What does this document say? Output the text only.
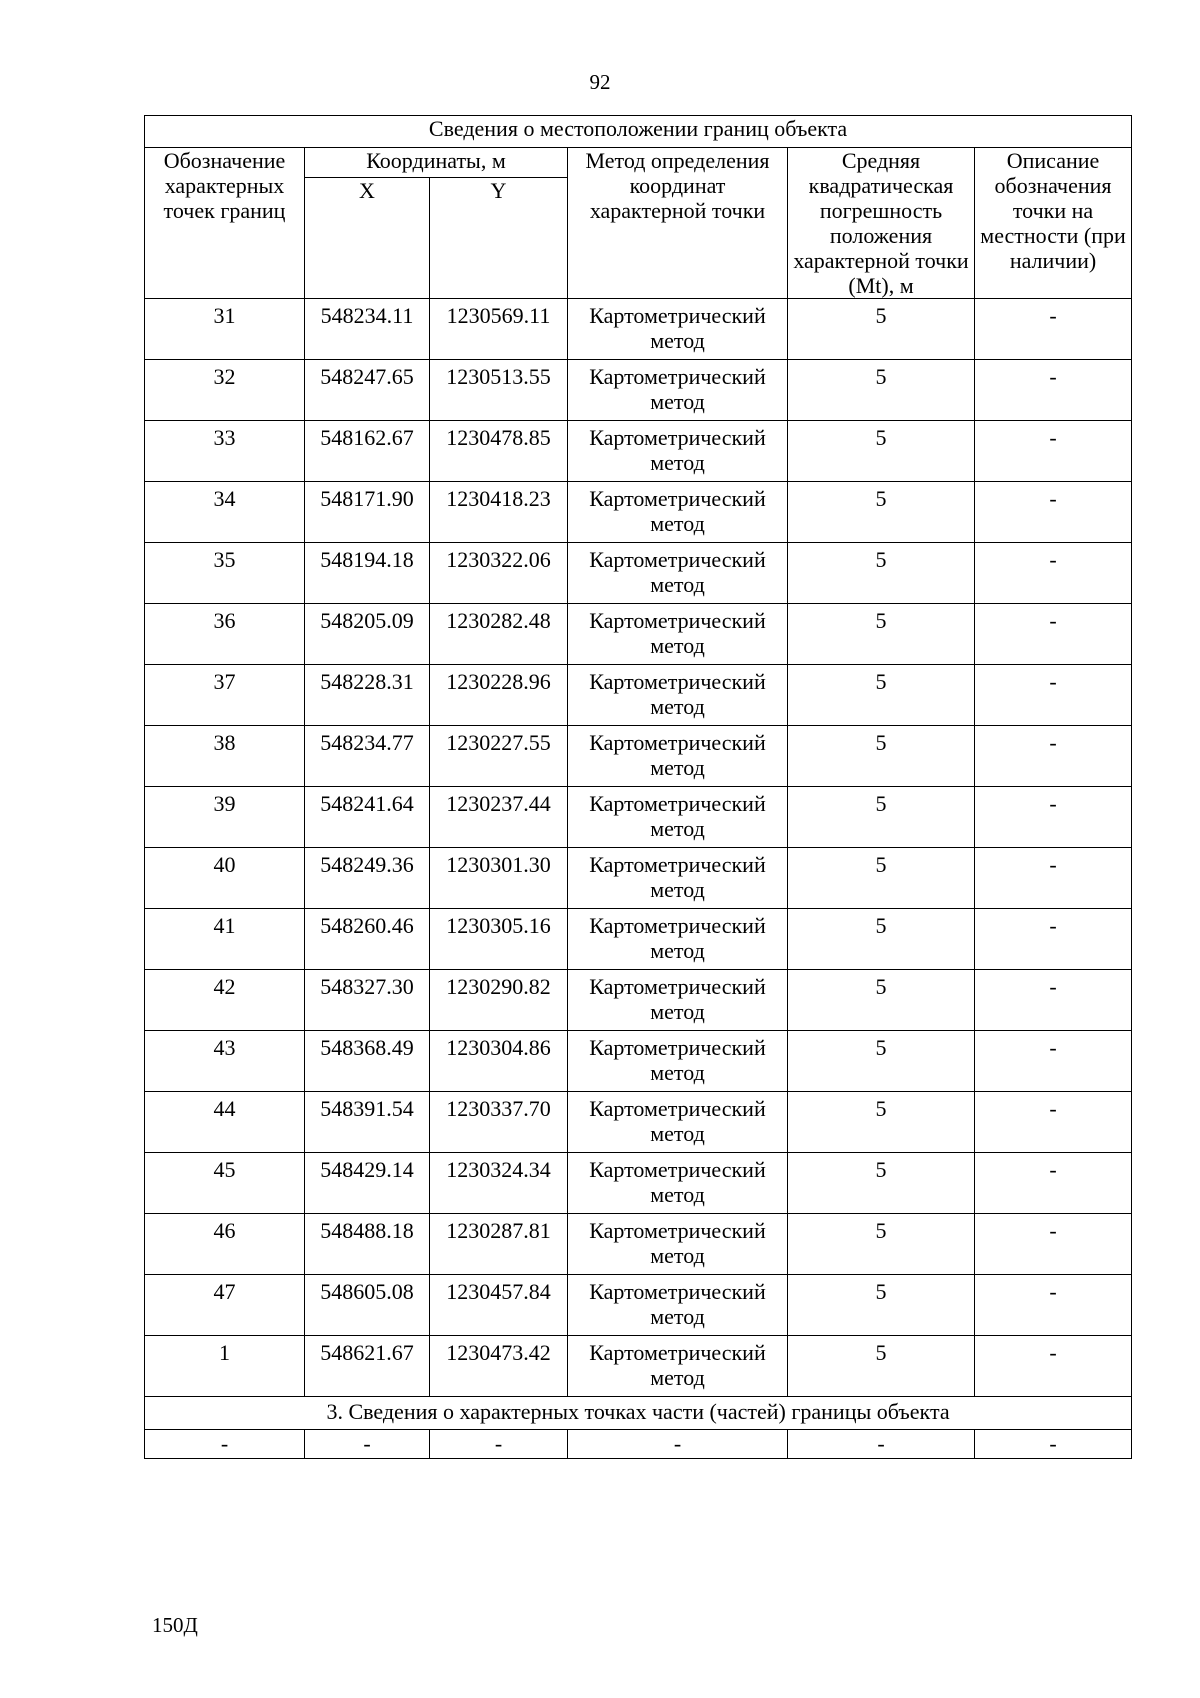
92
Сведения о местоположении границ объекта					
Обозначение характерных точек границ	Координаты, м		Метод определения координат характерной точки	Средняя квадратическая погрешность положения характерной точки (Mt), м	Описание обозначения точки на местности (при наличии)
	X	Y			
31	548234.11	1230569.11	Картометрический метод	5	-
32	548247.65	1230513.55	Картометрический метод	5	-
33	548162.67	1230478.85	Картометрический метод	5	-
34	548171.90	1230418.23	Картометрический метод	5	-
35	548194.18	1230322.06	Картометрический метод	5	-
36	548205.09	1230282.48	Картометрический метод	5	-
37	548228.31	1230228.96	Картометрический метод	5	-
38	548234.77	1230227.55	Картометрический метод	5	-
39	548241.64	1230237.44	Картометрический метод	5	-
40	548249.36	1230301.30	Картометрический метод	5	-
41	548260.46	1230305.16	Картометрический метод	5	-
42	548327.30	1230290.82	Картометрический метод	5	-
43	548368.49	1230304.86	Картометрический метод	5	-
44	548391.54	1230337.70	Картометрический метод	5	-
45	548429.14	1230324.34	Картометрический метод	5	-
46	548488.18	1230287.81	Картометрический метод	5	-
47	548605.08	1230457.84	Картометрический метод	5	-
1	548621.67	1230473.42	Картометрический метод	5	-
3. Сведения о характерных точках части (частей) границы объекта					
-	-	-	-	-	-
150Д
